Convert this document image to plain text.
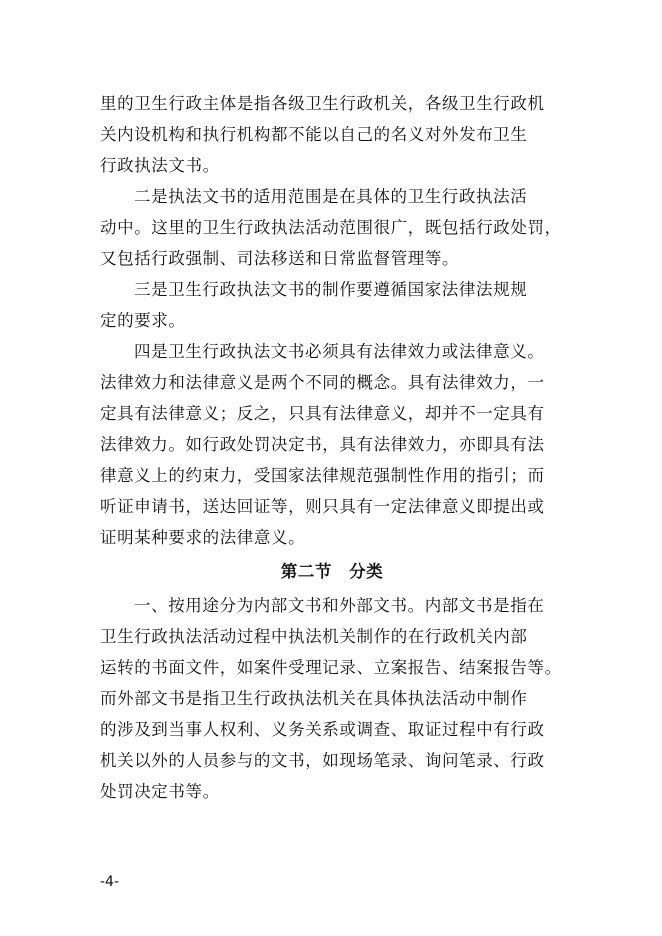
里的卫生行政主体是指各级卫生行政机关，各级卫生行政机
关内设机构和执行机构都不能以自己的名义对外发布卫生
行政执法文书。
二是执法文书的适用范围是在具体的卫生行政执法活
动中。这里的卫生行政执法活动范围很广，既包括行政处罚，
又包括行政强制、司法移送和日常监督管理等。
三是卫生行政执法文书的制作要遵循国家法律法规规
定的要求。
四是卫生行政执法文书必须具有法律效力或法律意义。
法律效力和法律意义是两个不同的概念。具有法律效力，一
定具有法律意义；反之，只具有法律意义，却并不一定具有
法律效力。如行政处罚决定书，具有法律效力，亦即具有法
律意义上的约束力，受国家法律规范强制性作用的指引；而
听证申请书，送达回证等，则只具有一定法律意义即提出或
证明某种要求的法律意义。
第二节　分类
一、按用途分为内部文书和外部文书。内部文书是指在
卫生行政执法活动过程中执法机关制作的在行政机关内部
运转的书面文件，如案件受理记录、立案报告、结案报告等。
而外部文书是指卫生行政执法机关在具体执法活动中制作
的涉及到当事人权利、义务关系或调查、取证过程中有行政
机关以外的人员参与的文书，如现场笔录、询问笔录、行政
处罚决定书等。
-4-
